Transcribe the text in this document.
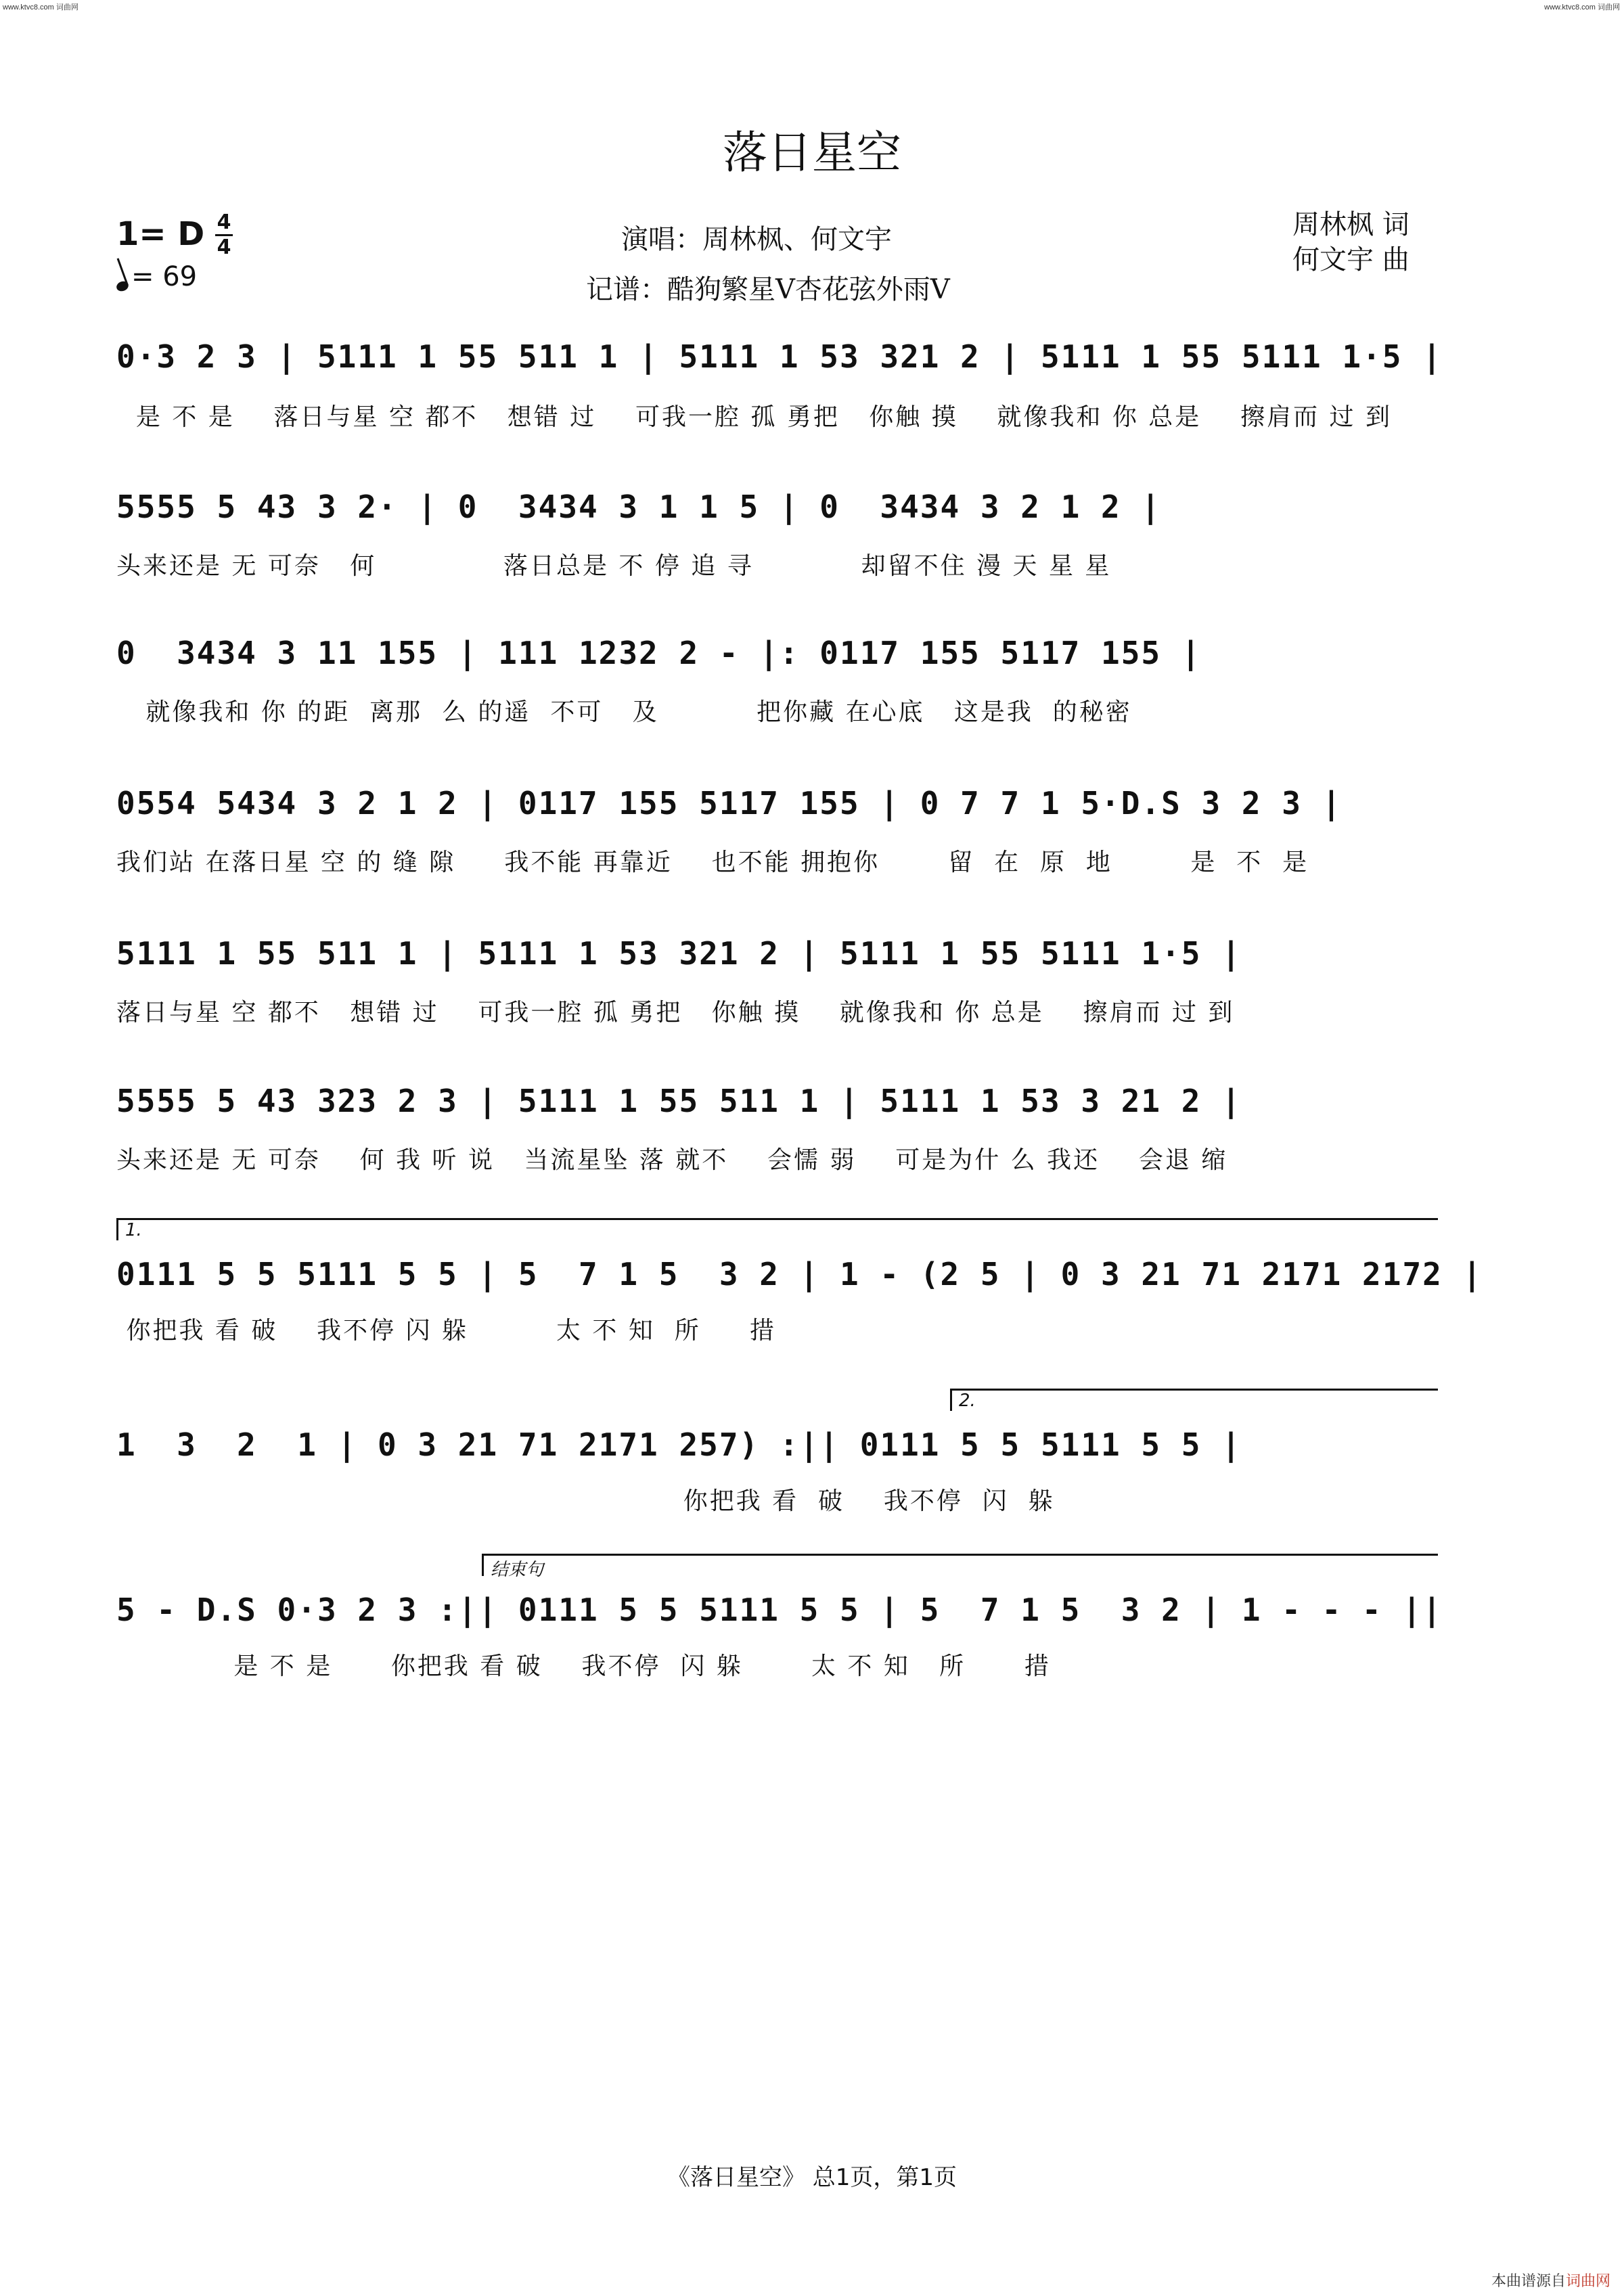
www.ktvc8.com 词曲网	www.ktvc8.com 词曲网
落日星空
1= D 4
4
= 69
演唱：周林枫、何文宇
记谱：酷狗繁星V杏花弦外雨V
周林枫 词
何文宇 曲
0·3 2 3 | 5111 1 55 511 1 | 5111 1 53 321 2 | 5111 1 55 5111 1·5 |
是 不 是    落日与星 空 都不   想错 过    可我一腔 孤 勇把   你触 摸    就像我和 你 总是    擦肩而 过 到
5555 5 43 3 2· | 0  3434 3 1 1 5 | 0  3434 3 2 1 2 |
头来还是 无 可奈   何             落日总是 不 停 追 寻           却留不住 漫 天 星 星
0  3434 3 11 155 | 111 1232 2 - |: 0117 155 5117 155 |
就像我和 你 的距  离那  么 的遥  不可   及          把你藏 在心底   这是我  的秘密
0554 5434 3 2 1 2 | 0117 155 5117 155 | 0 7 7 1 5·D.S 3 2 3 |
我们站 在落日星 空 的 缝 隙     我不能 再靠近    也不能 拥抱你       留  在  原  地        是  不  是
5111 1 55 511 1 | 5111 1 53 321 2 | 5111 1 55 5111 1·5 |
落日与星 空 都不   想错 过    可我一腔 孤 勇把   你触 摸    就像我和 你 总是    擦肩而 过 到
5555 5 43 323 2 3 | 5111 1 55 511 1 | 5111 1 53 3 21 2 |
头来还是 无 可奈    何 我 听 说   当流星坠 落 就不    会懦 弱    可是为什 么 我还    会退 缩
1.
0111 5 5 5111 5 5 | 5  7 1 5  3 2 | 1 - (2 5 | 0 3 21 71 2171 2172 |
你把我 看 破    我不停 闪 躲         太 不 知  所     措
2.
1  3  2  1 | 0 3 21 71 2171 257) :|| 0111 5 5 5111 5 5 |
你把我 看  破    我不停  闪  躲
结束句
5 - D.S 0·3 2 3 :|| 0111 5 5 5111 5 5 | 5  7 1 5  3 2 | 1 - - - ||
是 不 是      你把我 看 破    我不停  闪 躲       太 不 知   所      措
《落日星空》 总1页，第1页
本曲谱源自词曲网
